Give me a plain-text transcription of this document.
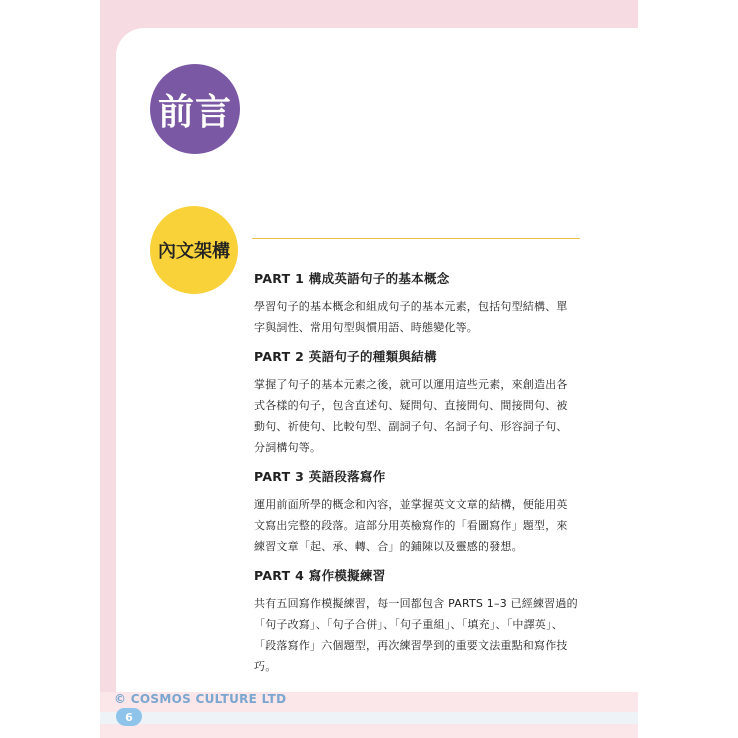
前言
內文架構

PART 1 構成英語句子的基本概念

學習句子的基本概念和組成句子的基本元素，包括句型結構、單字與詞性、常用句型與慣用語、時態變化等。

PART 2 英語句子的種類與結構

掌握了句子的基本元素之後，就可以運用這些元素，來創造出各式各樣的句子，包含直述句、疑問句、直接問句、間接問句、被動句、祈使句、比較句型、副詞子句、名詞子句、形容詞子句、分詞構句等。

PART 3 英語段落寫作

運用前面所學的概念和內容，並掌握英文文章的結構，便能用英文寫出完整的段落。這部分用英檢寫作的「看圖寫作」題型，來練習文章「起、承、轉、合」的鋪陳以及靈感的發想。

PART 4 寫作模擬練習

共有五回寫作模擬練習，每一回都包含 PARTS 1–3 已經練習過的「句子改寫」、「句子合併」、「句子重組」、「填充」、「中譯英」、「段落寫作」六個題型，再次練習學到的重要文法重點和寫作技巧。

© COSMOS CULTURE LTD
6
